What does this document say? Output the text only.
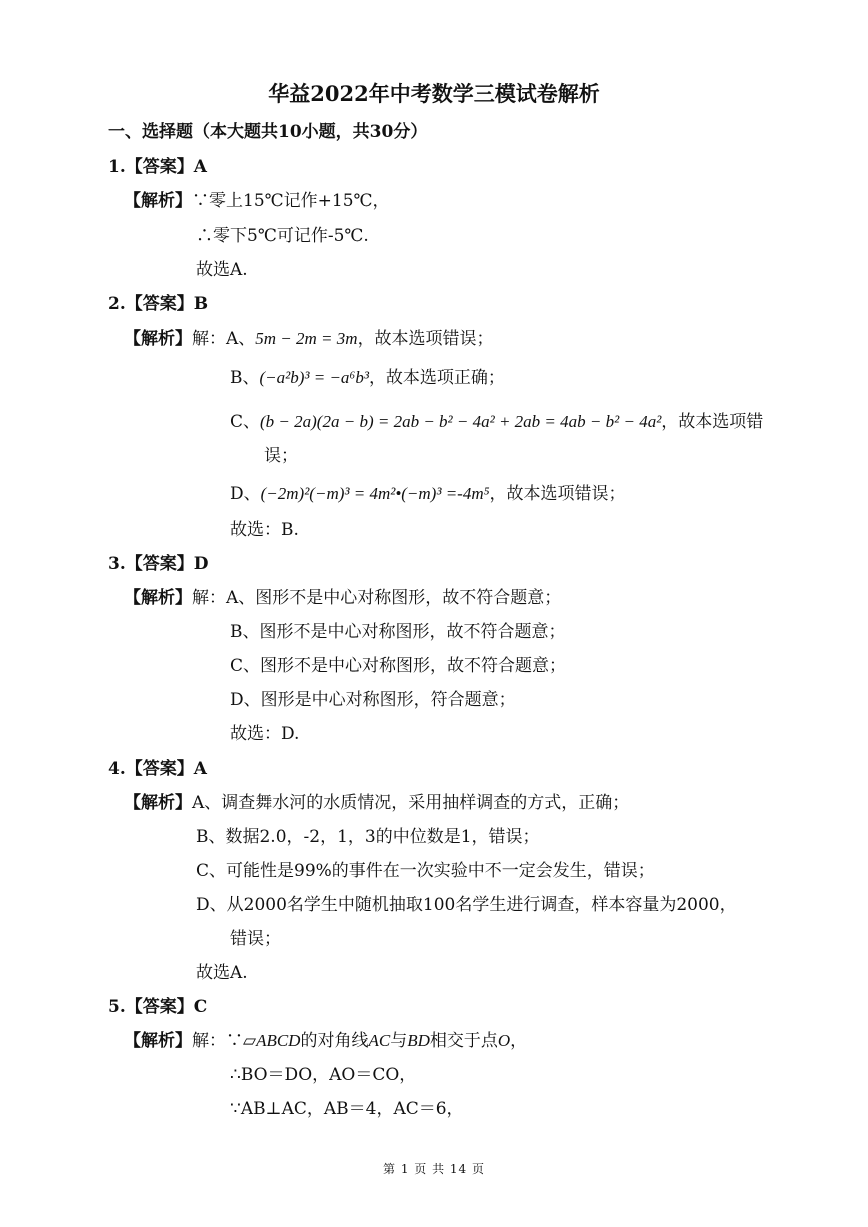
华益2022年中考数学三模试卷解析
一、选择题（本大题共10小题，共30分）
1.【答案】A
【解析】∵零上15℃记作+15℃，
∴零下5℃可记作-5℃.
故选A.
2.【答案】B
【解析】解：A、5m − 2m = 3m，故本选项错误；
B、(−a²b)³ = −a⁶b³，故本选项正确；
C、(b − 2a)(2a − b) = 2ab − b² − 4a² + 2ab = 4ab − b² − 4a²，故本选项错
误；
D、(−2m)²(−m)³ = 4m²•(−m)³ =-4m⁵，故本选项错误；
故选：B.
3.【答案】D
【解析】解：A、图形不是中心对称图形，故不符合题意；
B、图形不是中心对称图形，故不符合题意；
C、图形不是中心对称图形，故不符合题意；
D、图形是中心对称图形，符合题意；
故选：D.
4.【答案】A
【解析】A、调查舞水河的水质情况，采用抽样调查的方式，正确；
B、数据2.0，-2，1，3的中位数是1，错误；
C、可能性是99%的事件在一次实验中不一定会发生，错误；
D、从2000名学生中随机抽取100名学生进行调查，样本容量为2000，
错误；
故选A.
5.【答案】C
【解析】解：∵▱ABCD的对角线AC与BD相交于点O，
∴BO＝DO，AO＝CO，
∵AB⊥AC，AB＝4，AC＝6，
第 1 页 共 14 页
